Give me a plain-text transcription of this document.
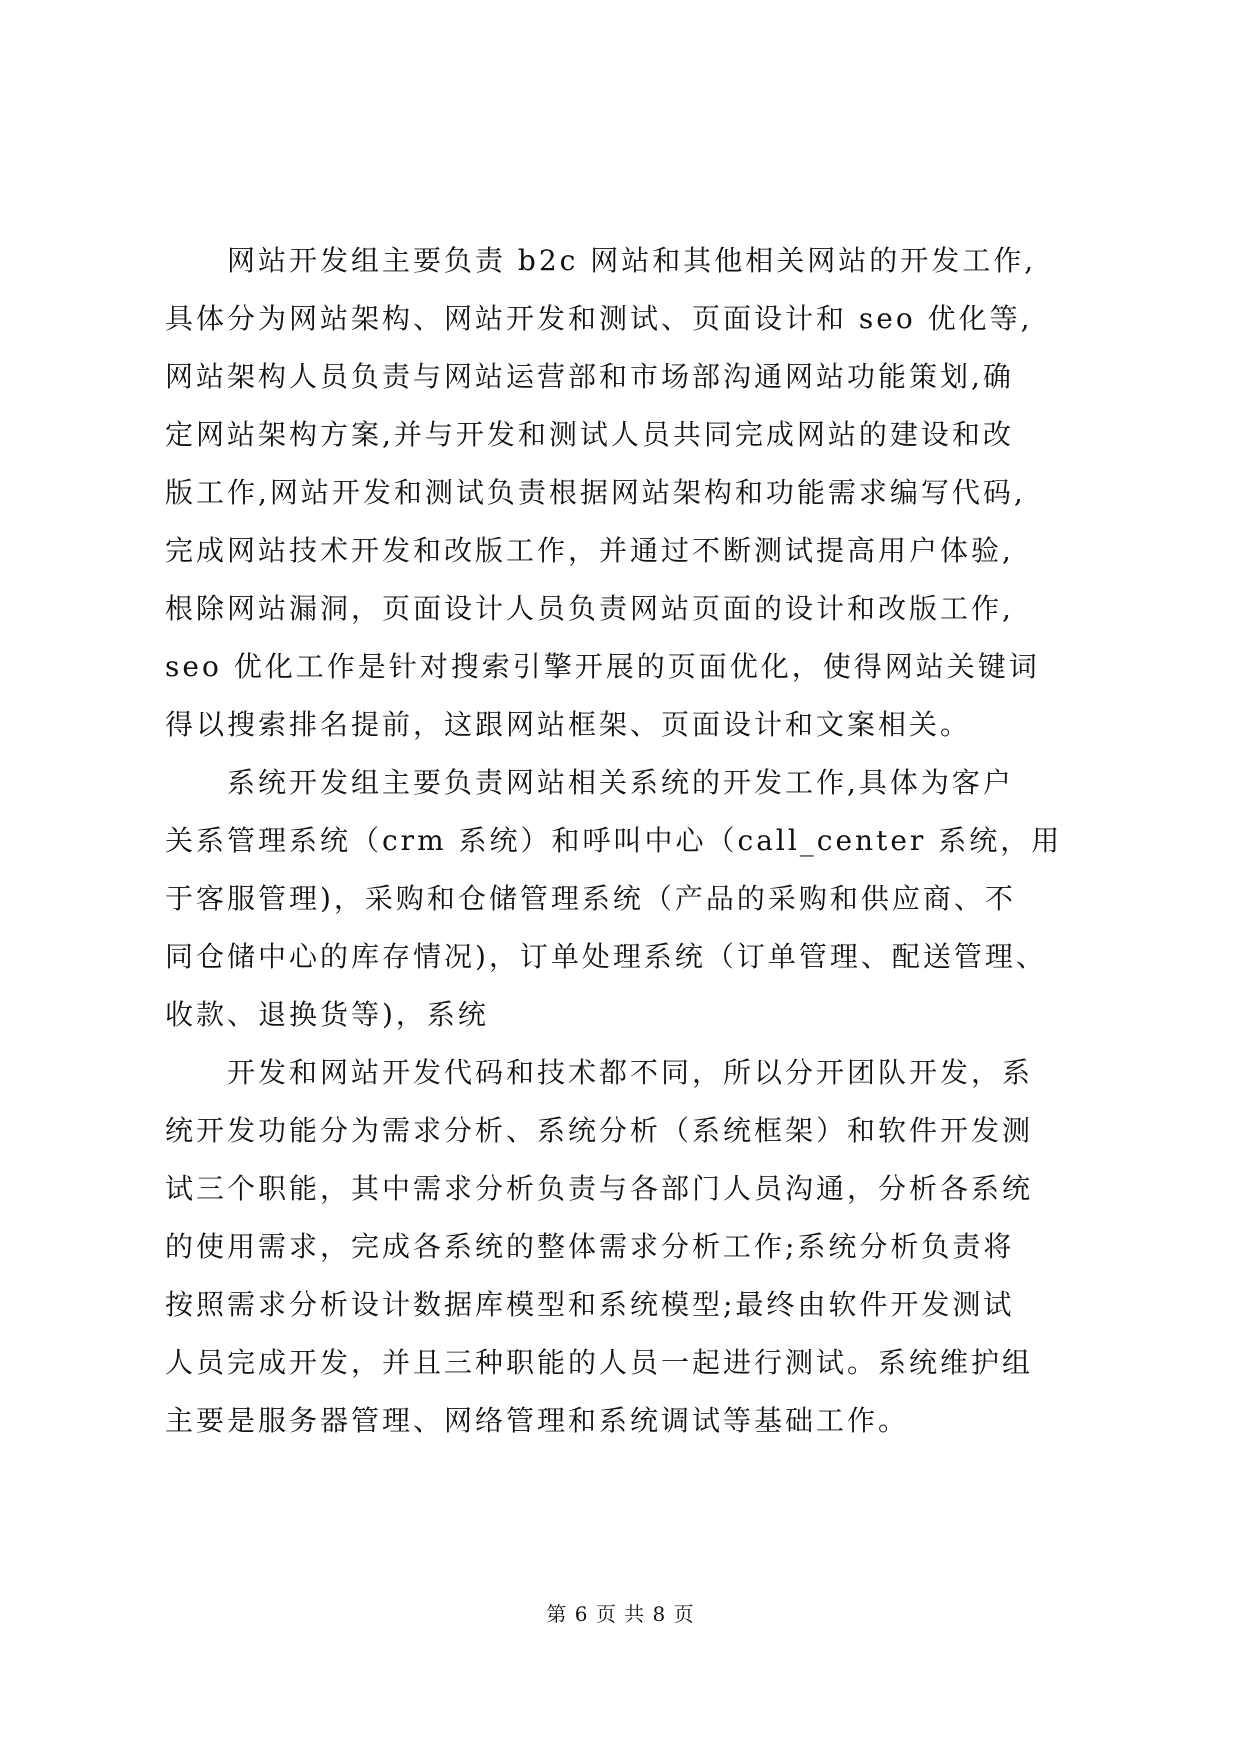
　　网站开发组主要负责 b2c 网站和其他相关网站的开发工作,
具体分为网站架构、网站开发和测试、页面设计和 seo 优化等,
网站架构人员负责与网站运营部和市场部沟通网站功能策划,确
定网站架构方案,并与开发和测试人员共同完成网站的建设和改
版工作,网站开发和测试负责根据网站架构和功能需求编写代码,
完成网站技术开发和改版工作，并通过不断测试提高用户体验,
根除网站漏洞，页面设计人员负责网站页面的设计和改版工作,
seo 优化工作是针对搜索引擎开展的页面优化，使得网站关键词
得以搜索排名提前，这跟网站框架、页面设计和文案相关。
　　系统开发组主要负责网站相关系统的开发工作,具体为客户
关系管理系统（crm 系统）和呼叫中心（call_center 系统，用
于客服管理)，采购和仓储管理系统（产品的采购和供应商、不
同仓储中心的库存情况)，订单处理系统（订单管理、配送管理、
收款、退换货等)，系统
　　开发和网站开发代码和技术都不同，所以分开团队开发，系
统开发功能分为需求分析、系统分析（系统框架）和软件开发测
试三个职能，其中需求分析负责与各部门人员沟通，分析各系统
的使用需求，完成各系统的整体需求分析工作;系统分析负责将
按照需求分析设计数据库模型和系统模型;最终由软件开发测试
人员完成开发，并且三种职能的人员一起进行测试。系统维护组
主要是服务器管理、网络管理和系统调试等基础工作。
第 6 页 共 8 页
